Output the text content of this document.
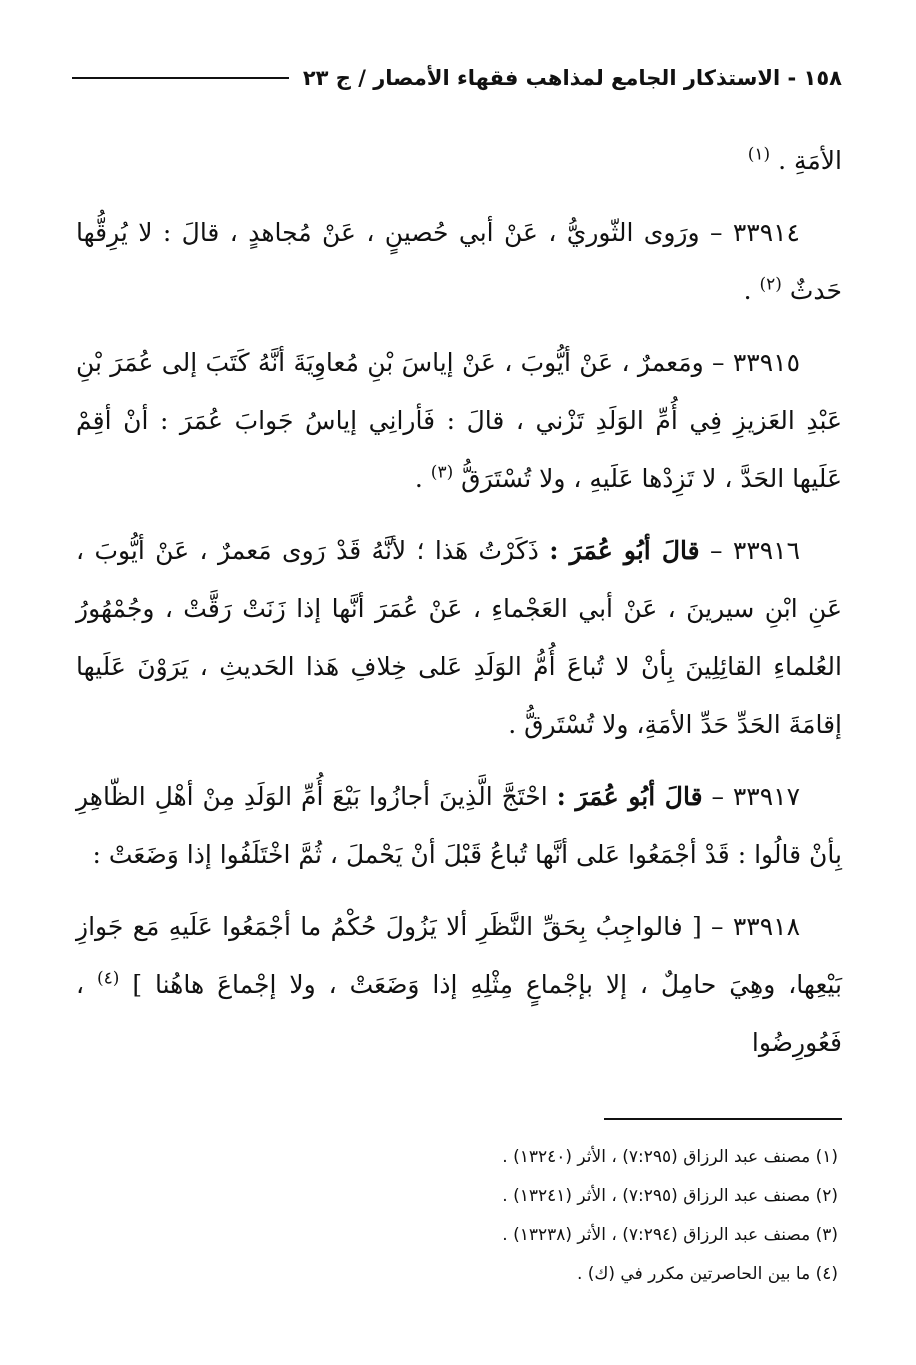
١٥٨ - الاستذكار الجامع لمذاهب فقهاء الأمصار / ج ٢٣

الأمَةِ . $^{(١)}$

٣٣٩١٤ – ورَوى الثّوريُّ ، عَنْ أبي حُصينٍ ، عَنْ مُجاهدٍ ، قالَ : لا يُرِقُّها حَدثٌ $^{(٢)}$ .

٣٣٩١٥ – ومَعمرٌ ، عَنْ أيُّوبَ ، عَنْ إياسَ بْنِ مُعاوِيَةَ أنَّهُ كَتَبَ إلى عُمَرَ بْنِ عَبْدِ العَزيزِ فِي أُمِّ الوَلَدِ تَزْني ، قالَ : فَأرانِي إياسُ جَوابَ عُمَرَ : أنْ أقِمْ عَلَيها الحَدَّ ، لا تَزِدْها عَلَيهِ ، ولا تُسْتَرَقُّ $^{(٣)}$ .

٣٣٩١٦ – قالَ أبُو عُمَرَ : ذَكَرْتُ هَذا ؛ لأنَّهُ قَدْ رَوى مَعمرٌ ، عَنْ أيُّوبَ ، عَنِ ابْنِ سيرينَ ، عَنْ أبي العَجْماءِ ، عَنْ عُمَرَ أنَّها إذا زَنَتْ رَقَّتْ ، وجُمْهُورُ العُلماءِ القائِلِينَ بِأنْ لا تُباعَ أُمُّ الوَلَدِ عَلى خِلافِ هَذا الحَديثِ ، يَرَوْنَ عَلَيها إقامَةَ الحَدِّ حَدِّ الأمَةِ، ولا تُسْتَرقُّ .

٣٣٩١٧ – قالَ أبُو عُمَرَ : احْتَجَّ الَّذِينَ أجازُوا بَيْعَ أُمِّ الوَلَدِ مِنْ أهْلِ الظّاهِرِ بِأنْ قالُوا : قَدْ أجْمَعُوا عَلى أنَّها تُباعُ قَبْلَ أنْ يَحْملَ ، ثُمَّ اخْتَلَفُوا إذا وَضَعَتْ :

٣٣٩١٨ – [ فالواجِبُ بِحَقِّ النَّظَرِ ألا يَزُولَ حُكْمُ ما أجْمَعُوا عَلَيهِ مَع جَوازِ بَيْعِها، وهِيَ حامِلٌ ، إلا بإجْماعٍ مِثْلِهِ إذا وَضَعَتْ ، ولا إجْماعَ هاهُنا ] $^{(٤)}$ ، فَعُورِضُوا

(١) مصنف عبد الرزاق (٧:٢٩٥) ، الأثر (١٣٢٤٠) .

(٢) مصنف عبد الرزاق (٧:٢٩٥) ، الأثر (١٣٢٤١) .

(٣) مصنف عبد الرزاق (٧:٢٩٤) ، الأثر (١٣٢٣٨) .

(٤) ما بين الحاصرتين مكرر في (ك) .
